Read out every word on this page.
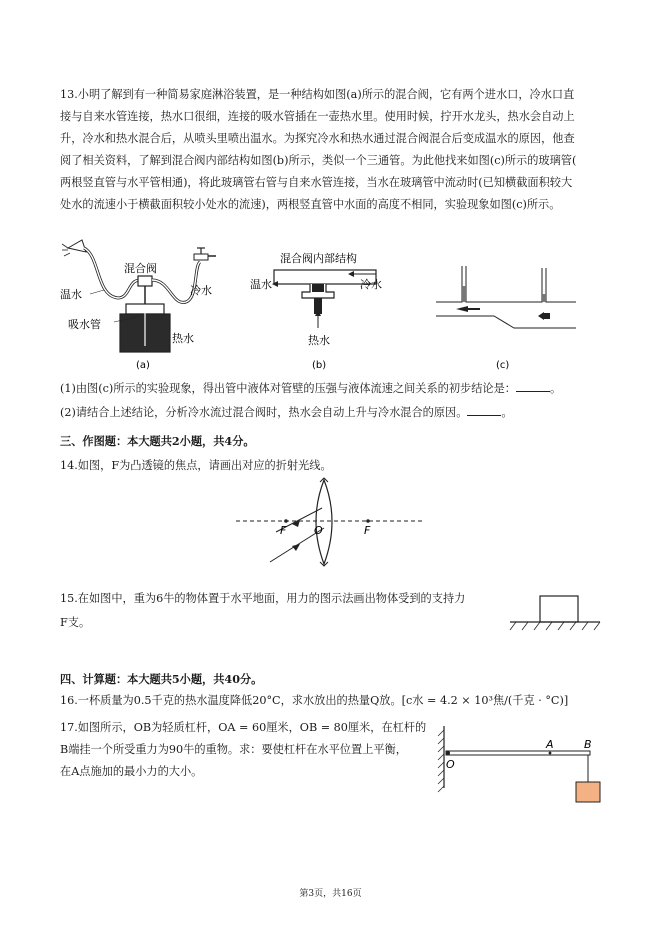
13.小明了解到有一种简易家庭淋浴装置，是一种结构如图(a)所示的混合阀，它有两个进水口，冷水口直
接与自来水管连接，热水口很细，连接的吸水管插在一壶热水里。使用时候，拧开水龙头，热水会自动上
升，冷水和热水混合后，从喷头里喷出温水。为探究冷水和热水通过混合阀混合后变成温水的原因，他查
阅了相关资料，了解到混合阀内部结构如图(b)所示，类似一个三通管。为此他找来如图(c)所示的玻璃管(
两根竖直管与水平管相通)，将此玻璃管右管与自来水管连接，当水在玻璃管中流动时(已知横截面积较大
处水的流速小于横截面积较小处水的流速)，两根竖直管中水面的高度不相同，实验现象如图(c)所示。
混合阀
温水	冷水
吸水管
热水
(a)
混合阀内部结构
温水	冷水
热水
(b)	(c)
(1)由图(c)所示的实验现象，得出管中液体对管壁的压强与液体流速之间关系的初步结论是：	。
(2)请结合上述结论，分析冷水流过混合阀时，热水会自动上升与冷水混合的原因。	。
三、作图题：本大题共2小题，共4分。
14.如图，F为凸透镜的焦点，请画出对应的折射光线。
F	O	F
15.在如图中，重为6牛的物体置于水平地面，用力的图示法画出物体受到的支持力
F支。
四、计算题：本大题共5小题，共40分。
16.一杯质量为0.5千克的热水温度降低20°C，求水放出的热量Q放。[c水 = 4.2 × 10³焦/(千克 · °C)]
17.如图所示，OB为轻质杠杆，OA = 60厘米，OB = 80厘米，在杠杆的
B端挂一个所受重力为90牛的重物。求：要使杠杆在水平位置上平衡，
在A点施加的最小力的大小。
O
A	B
第3页，共16页
